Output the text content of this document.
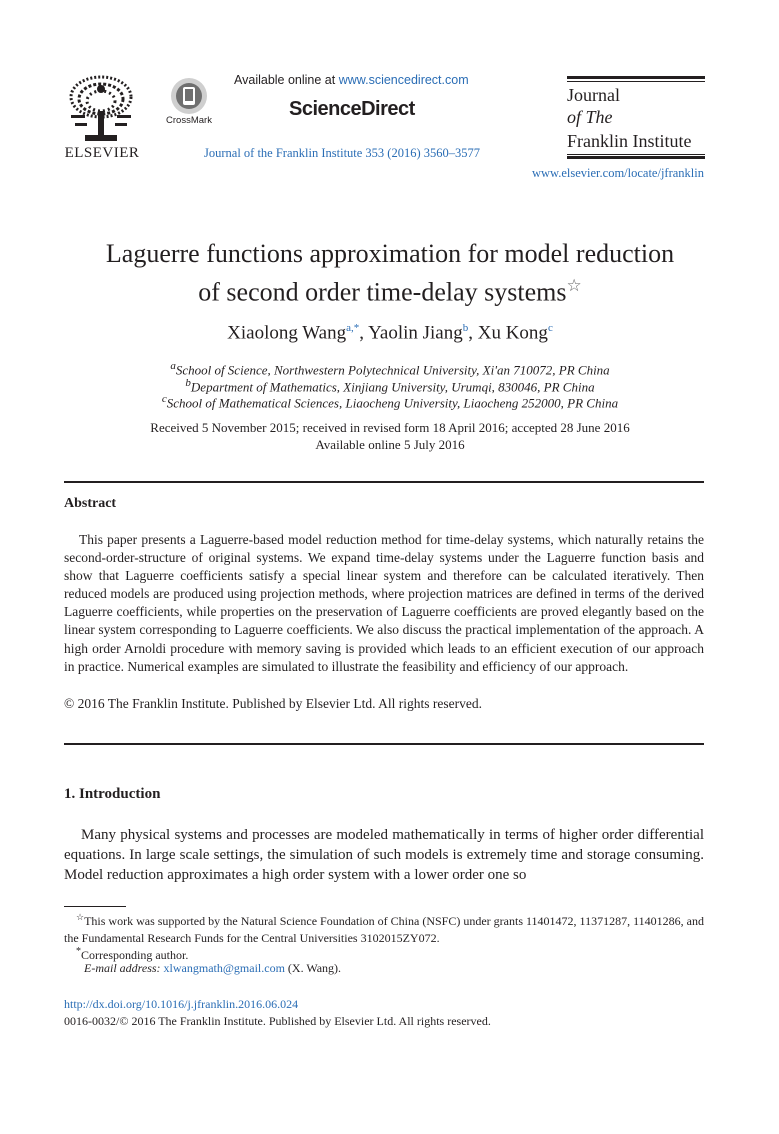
ELSEVIER
CrossMark
Available online at www.sciencedirect.com
ScienceDirect
Journal of the Franklin Institute 353 (2016) 3560–3577
Journal
of The
Franklin Institute
www.elsevier.com/locate/jfranklin
Laguerre functions approximation for model reduction
of second order time-delay systems☆
Xiaolong Wang$^{a,*}$, Yaolin Jiang$^b$, Xu Kong$^c$
$^a$School of Science, Northwestern Polytechnical University, Xi'an 710072, PR China
$^b$Department of Mathematics, Xinjiang University, Urumqi, 830046, PR China
$^c$School of Mathematical Sciences, Liaocheng University, Liaocheng 252000, PR China
Received 5 November 2015; received in revised form 18 April 2016; accepted 28 June 2016
Available online 5 July 2016
Abstract
This paper presents a Laguerre-based model reduction method for time-delay systems, which naturally retains the second-order-structure of original systems. We expand time-delay systems under the Laguerre function basis and show that Laguerre coefficients satisfy a special linear system and therefore can be calculated iteratively. Then reduced models are produced using projection methods, where projection matrices are defined in terms of the derived Laguerre coefficients, while properties on the preservation of Laguerre coefficients are proved elegantly based on the linear system corresponding to Laguerre coefficients. We also discuss the practical implementation of the approach. A high order Arnoldi procedure with memory saving is provided which leads to an efficient execution of our approach in practice. Numerical examples are simulated to illustrate the feasibility and efficiency of our approach.
© 2016 The Franklin Institute. Published by Elsevier Ltd. All rights reserved.
1. Introduction
Many physical systems and processes are modeled mathematically in terms of higher order differential equations. In large scale settings, the simulation of such models is extremely time and storage consuming. Model reduction approximates a high order system with a lower order one so
☆This work was supported by the Natural Science Foundation of China (NSFC) under grants 11401472, 11371287, 11401286, and the Fundamental Research Funds for the Central Universities 3102015ZY072.
*Corresponding author.
E-mail address: xlwangmath@gmail.com (X. Wang).
http://dx.doi.org/10.1016/j.jfranklin.2016.06.024
0016-0032/© 2016 The Franklin Institute. Published by Elsevier Ltd. All rights reserved.
